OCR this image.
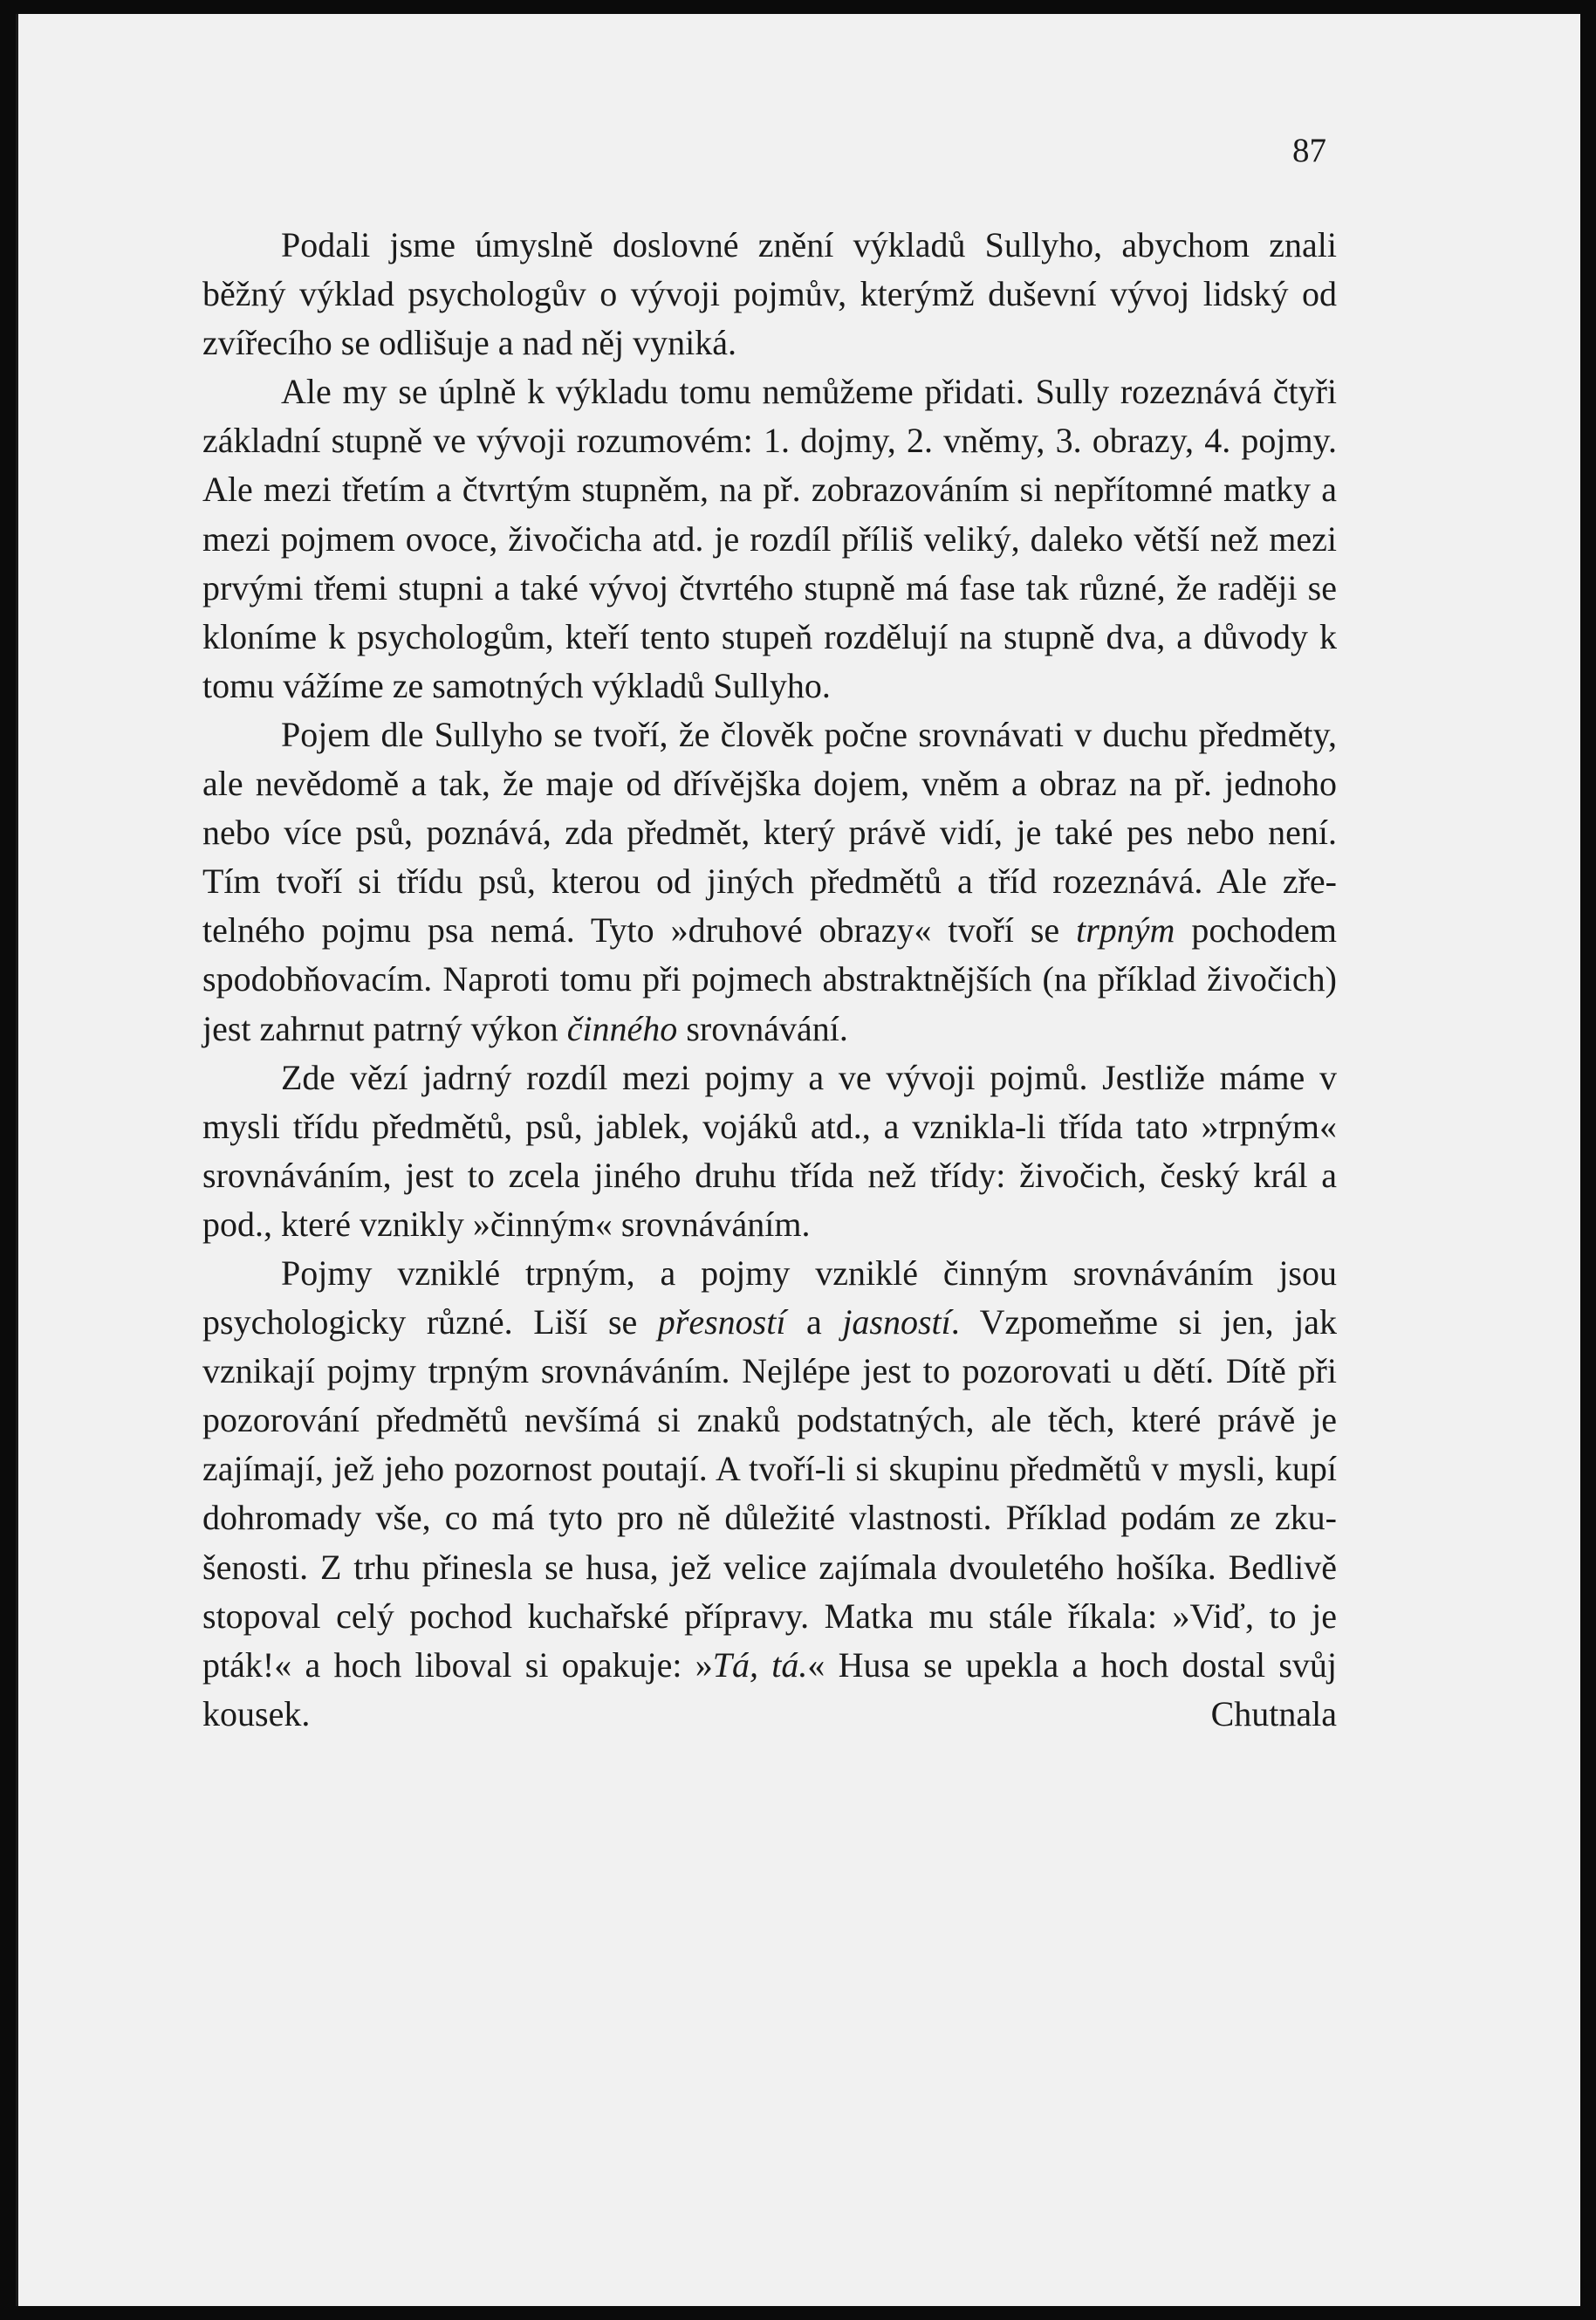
87

Podali jsme úmyslně doslovné znění výkladů Sullyho, abychom znali běžný výklad psychologův o vývoji pojmův, kterýmž duševní vývoj lidský od zvířecího se odlišuje a nad něj vyniká.

Ale my se úplně k výkladu tomu nemůžeme přidati. Sully rozeznává čtyři základní stupně ve vývoji rozumovém: 1. dojmy, 2. vněmy, 3. obrazy, 4. pojmy. Ale mezi třetím a čtvrtým stupněm, na př. zobrazováním si nepřítomné matky a mezi pojmem ovoce, živočicha atd. je rozdíl příliš veliký, daleko větší než mezi prvými třemi stupni a také vývoj čtvrtého stupně má fase tak různé, že raději se kloníme k psychologům, kteří tento stupeň rozdělují na stupně dva, a důvody k tomu vážíme ze samotných výkladů Sullyho.

Pojem dle Sullyho se tvoří, že člověk počne srovnávati v duchu předměty, ale nevědomě a tak, že maje od dřívějška dojem, vněm a obraz na př. jednoho nebo více psů, poznává, zda předmět, který právě vidí, je také pes nebo není. Tím tvoří si třídu psů, kterou od jiných předmětů a tříd rozeznává. Ale zřetelného pojmu psa nemá. Tyto »druhové obrazy« tvoří se trpným pochodem spodobňovacím. Naproti tomu při pojmech abstraktnějších (na příklad živočich) jest zahrnut patrný výkon činného srovnávání.

Zde vězí jadrný rozdíl mezi pojmy a ve vývoji pojmů. Jestliže máme v mysli třídu předmětů, psů, jablek, vojáků atd., a vznikla-li třída tato »trpným« srovnáváním, jest to zcela jiného druhu třída než třídy: živočich, český král a pod., které vznikly »činným« srovnáváním.

Pojmy vzniklé trpným, a pojmy vzniklé činným srovnáváním jsou psychologicky různé. Liší se přesností a jasností. Vzpomeňme si jen, jak vznikají pojmy trpným srovnáváním. Nejlépe jest to pozorovati u dětí. Dítě při pozorování předmětů nevšímá si znaků podstatných, ale těch, které právě je zajímají, jež jeho pozornost poutají. A tvoří-li si skupinu předmětů v mysli, kupí dohromady vše, co má tyto pro ně důležité vlastnosti. Příklad podám ze zkušenosti. Z trhu přinesla se husa, jež velice zajímala dvouletého hošíka. Bedlivě stopoval celý pochod kuchařské přípravy. Matka mu stále říkala: »Viď, to je pták!« a hoch liboval si opakuje: »Tá, tá.« Husa se upekla a hoch dostal svůj kousek. Chutnala
